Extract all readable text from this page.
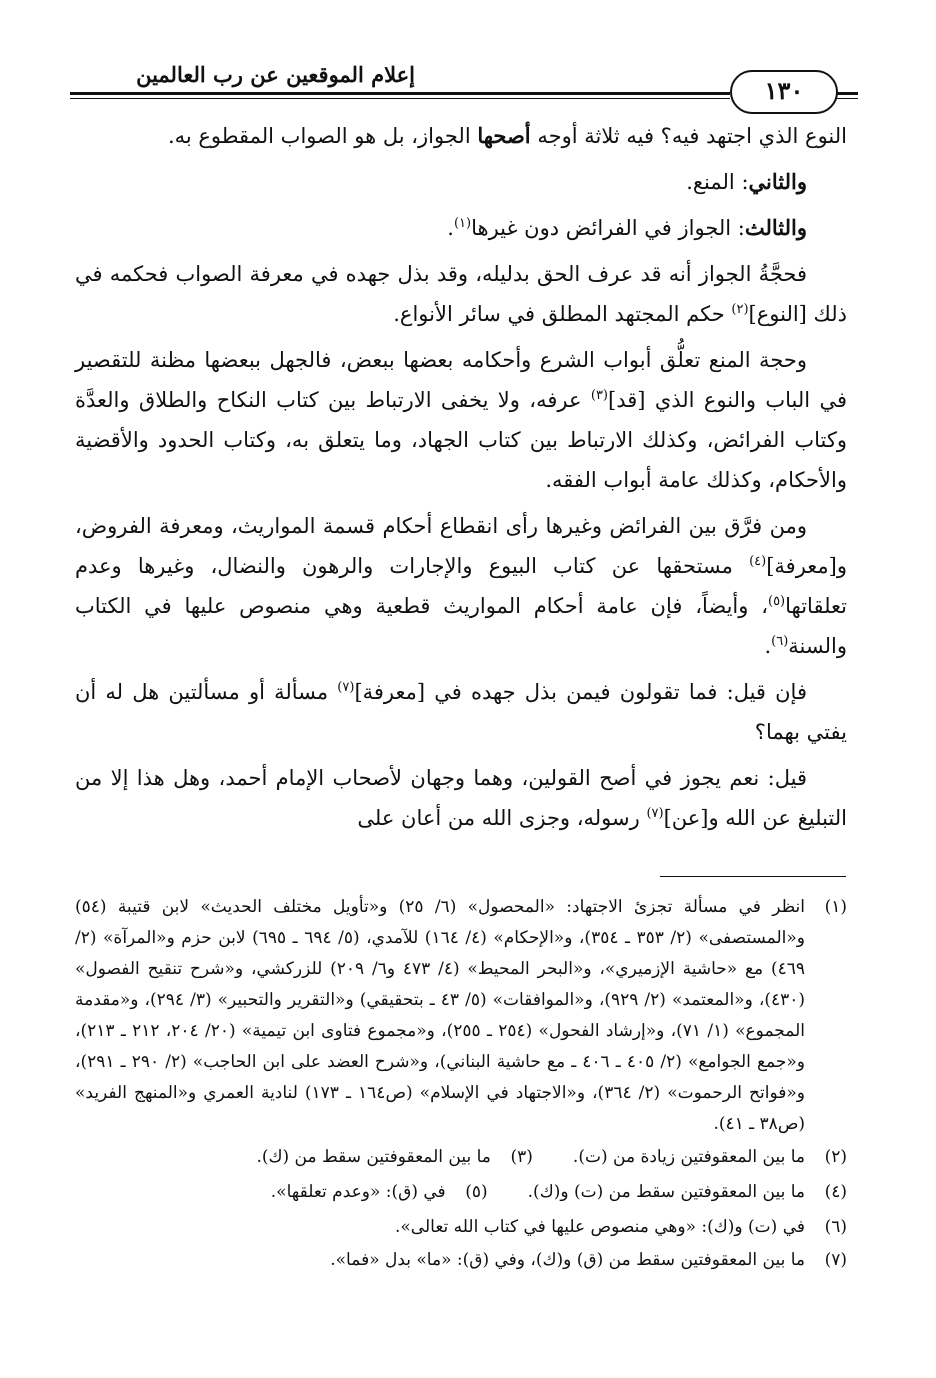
إعلام الموقعين عن رب العالمين
١٣٠

النوع الذي اجتهد فيه؟ فيه ثلاثة أوجه أصحها الجواز، بل هو الصواب المقطوع به.

والثاني: المنع.

والثالث: الجواز في الفرائض دون غيرها$^{(١)}$.

فحجَّةُ الجواز أنه قد عرف الحق بدليله، وقد بذل جهده في معرفة الصواب فحكمه في ذلك [النوع]$^{(٢)}$ حكم المجتهد المطلق في سائر الأنواع.

وحجة المنع تعلُّق أبواب الشرع وأحكامه بعضها ببعض، فالجهل ببعضها مظنة للتقصير في الباب والنوع الذي [قد]$^{(٣)}$ عرفه، ولا يخفى الارتباط بين كتاب النكاح والطلاق والعدَّة وكتاب الفرائض، وكذلك الارتباط بين كتاب الجهاد، وما يتعلق به، وكتاب الحدود والأقضية والأحكام، وكذلك عامة أبواب الفقه.

ومن فرَّق بين الفرائض وغيرها رأى انقطاع أحكام قسمة المواريث، ومعرفة الفروض، و[معرفة]$^{(٤)}$ مستحقها عن كتاب البيوع والإجارات والرهون والنضال، وغيرها وعدم تعلقاتها$^{(٥)}$، وأيضاً، فإن عامة أحكام المواريث قطعية وهي منصوص عليها في الكتاب والسنة$^{(٦)}$.

فإن قيل: فما تقولون فيمن بذل جهده في [معرفة]$^{(٧)}$ مسألة أو مسألتين هل له أن يفتي بهما؟

قيل: نعم يجوز في أصح القولين، وهما وجهان لأصحاب الإمام أحمد، وهل هذا إلا من التبليغ عن الله و[عن]$^{(٧)}$ رسوله، وجزى الله من أعان على

(١)
انظر في مسألة تجزئ الاجتهاد: «المحصول» (٦/ ٢٥) و«تأويل مختلف الحديث» لابن قتيبة (٥٤) و«المستصفى» (٢/ ٣٥٣ ـ ٣٥٤)، و«الإحكام» (٤/ ١٦٤) للآمدي، (٥/ ٦٩٤ ـ ٦٩٥) لابن حزم و«المرآة» (٢/ ٤٦٩) مع «حاشية الإزميري»، و«البحر المحيط» (٤/ ٤٧٣ و٦/ ٢٠٩) للزركشي، و«شرح تنقيح الفصول» (٤٣٠)، و«المعتمد» (٢/ ٩٢٩)، و«الموافقات» (٥/ ٤٣ ـ بتحقيقي) و«التقرير والتحبير» (٣/ ٢٩٤)، و«مقدمة المجموع» (١/ ٧١)، و«إرشاد الفحول» (٢٥٤ ـ ٢٥٥)، و«مجموع فتاوى ابن تيمية» (٢٠/ ٢٠٤، ٢١٢ ـ ٢١٣)، و«جمع الجوامع» (٢/ ٤٠٥ ـ ٤٠٦ ـ مع حاشية البناني)، و«شرح العضد على ابن الحاجب» (٢/ ٢٩٠ ـ ٢٩١)، و«فواتح الرحموت» (٢/ ٣٦٤)، و«الاجتهاد في الإسلام» (ص١٦٤ ـ ١٧٣) لنادية العمري و«المنهج الفريد» (ص٣٨ ـ ٤١).
(٢)
ما بين المعقوفتين زيادة من (ت).
(٣)
ما بين المعقوفتين سقط من (ك).
(٤)
ما بين المعقوفتين سقط من (ت) و(ك).
(٥)
في (ق): «وعدم تعلقها».
(٦)
في (ت) و(ك): «وهي منصوص عليها في كتاب الله تعالى».
(٧)
ما بين المعقوفتين سقط من (ق) و(ك)، وفي (ق): «ما» بدل «فما».
